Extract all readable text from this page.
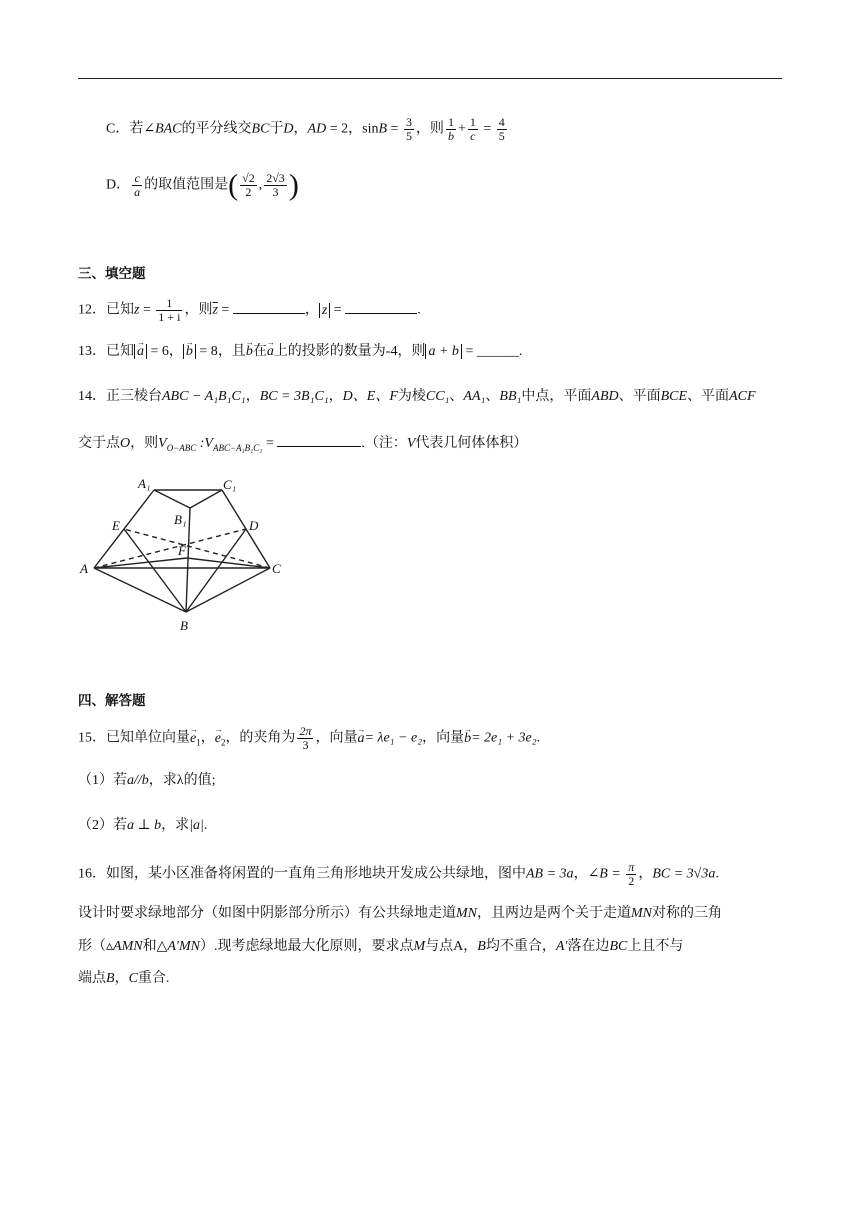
C．若∠BAC的平分线交BC于D，AD = 2，$\sin B = \frac{3}{5}$ ，则 $\frac{1}{b} + \frac{1}{c} = \frac{4}{5}$
D． $\frac{c}{a}$ 的取值范围是( $\frac{√2}{2}$ , $\frac{2√3}{3}$ )
三、填空题
12．已知$z = \frac{1}{1 + i}$ ，则$\overline{z}$ =	， z =	.
13．已知 → a = 6， → b = 8，且→ b在→ a上的投影的数量为-4，则 a + b = ______.
14．正三棱台ABC − A₁B₁C₁，BC = 3B₁C₁，D、E、F为棱CC₁、AA₁、BB₁中点，平面ABD、平面BCE、平面ACF
交于点O，则$V_{O-ABC}$ $:V_{ABC-A_1B_1C_1}$ =	.（注：V代表几何体体积）
A₁	C₁
B₁
E	D
F
A	C
B
四、解答题
15．已知单位向量→ $e_1$，→ $e_2$，的夹角为 $\frac{2\pi}{3}$ ，向量→ a= λe₁ − e₂，向量→ b= 2e₁ + 3e₂.
（1）若a//b，求λ的值;
（2）若a ⊥ b，求|a|.
16．如图，某小区准备将闲置的一直角三角形地块开发成公共绿地，图中AB = 3a，∠B = $\frac{\pi}{2}$ ，BC = 3√3a.
设计时要求绿地部分（如图中阴影部分所示）有公共绿地走道MN，且两边是两个关于走道MN对称的三角
形（▵AMN和△A′MN）.现考虑绿地最大化原则，要求点M与点A，B均不重合，A′落在边BC上且不与
端点B，C重合.
